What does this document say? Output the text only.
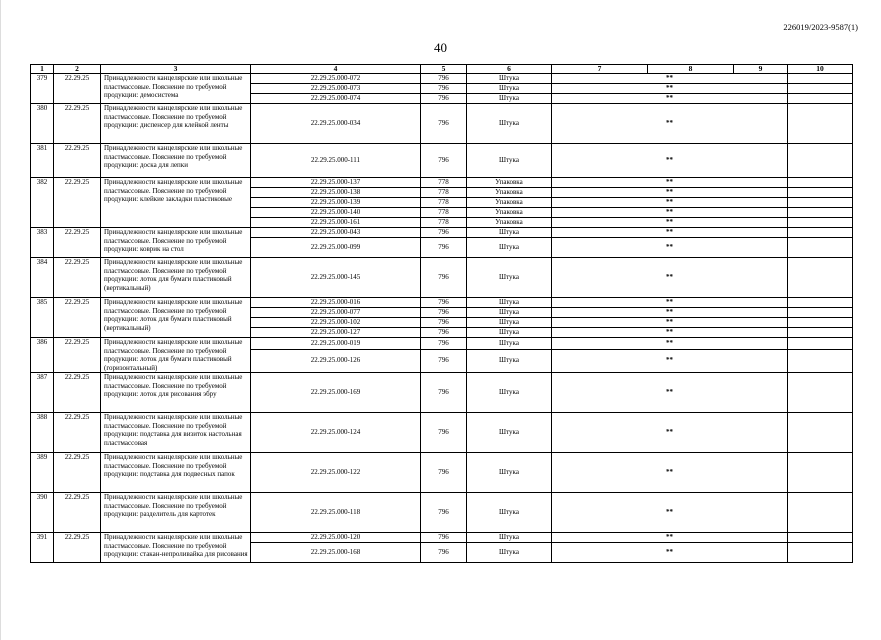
226019/2023-9587(1)
40
1	2	3	4	5	6	7	8	9	10
379	22.29.25	Принадлежности канцелярские или школьные пластмассовые. Пояснение по требуемой продукции: демосистема	22.29.25.000-072	796	Штука	**			
			22.29.25.000-073	796	Штука	**			
			22.29.25.000-074	796	Штука	**			
380	22.29.25	Принадлежности канцелярские или школьные пластмассовые. Пояснение по требуемой продукции: диспенсер для клейкой ленты	22.29.25.000-034	796	Штука	**			
381	22.29.25	Принадлежности канцелярские или школьные пластмассовые. Пояснение по требуемой продукции: доска для лепки	22.29.25.000-111	796	Штука	**			
382	22.29.25	Принадлежности канцелярские или школьные пластмассовые. Пояснение по требуемой продукции: клейкие закладки пластиковые	22.29.25.000-137	778	Упаковка	**			
			22.29.25.000-138	778	Упаковка	**			
			22.29.25.000-139	778	Упаковка	**			
			22.29.25.000-140	778	Упаковка	**			
			22.29.25.000-161	778	Упаковка	**			
383	22.29.25	Принадлежности канцелярские или школьные пластмассовые. Пояснение по требуемой продукции: коврик на стол	22.29.25.000-043	796	Штука	**			
			22.29.25.000-099	796	Штука	**			
384	22.29.25	Принадлежности канцелярские или школьные пластмассовые. Пояснение по требуемой продукции: лоток для бумаги пластиковый (вертикальный)	22.29.25.000-145	796	Штука	**			
385	22.29.25	Принадлежности канцелярские или школьные пластмассовые. Пояснение по требуемой продукции: лоток для бумаги пластиковый (вертикальный)	22.29.25.000-016	796	Штука	**			
			22.29.25.000-077	796	Штука	**			
			22.29.25.000-102	796	Штука	**			
			22.29.25.000-127	796	Штука	**			
386	22.29.25	Принадлежности канцелярские или школьные пластмассовые. Пояснение по требуемой продукции: лоток для бумаги пластиковый (горизонтальный)	22.29.25.000-019	796	Штука	**			
			22.29.25.000-126	796	Штука	**			
387	22.29.25	Принадлежности канцелярские или школьные пластмассовые. Пояснение по требуемой продукции: лоток для рисования эбру	22.29.25.000-169	796	Штука	**			
388	22.29.25	Принадлежности канцелярские или школьные пластмассовые. Пояснение по требуемой продукции: подставка для визиток настольная пластмассовая	22.29.25.000-124	796	Штука	**			
389	22.29.25	Принадлежности канцелярские или школьные пластмассовые. Пояснение по требуемой продукции: подставка для подвесных папок	22.29.25.000-122	796	Штука	**			
390	22.29.25	Принадлежности канцелярские или школьные пластмассовые. Пояснение по требуемой продукции: разделитель для картотек	22.29.25.000-118	796	Штука	**			
391	22.29.25	Принадлежности канцелярские или школьные пластмассовые. Пояснение по требуемой продукции: стакан-непроливайка для рисования	22.29.25.000-120	796	Штука	**			
			22.29.25.000-168	796	Штука	**			
